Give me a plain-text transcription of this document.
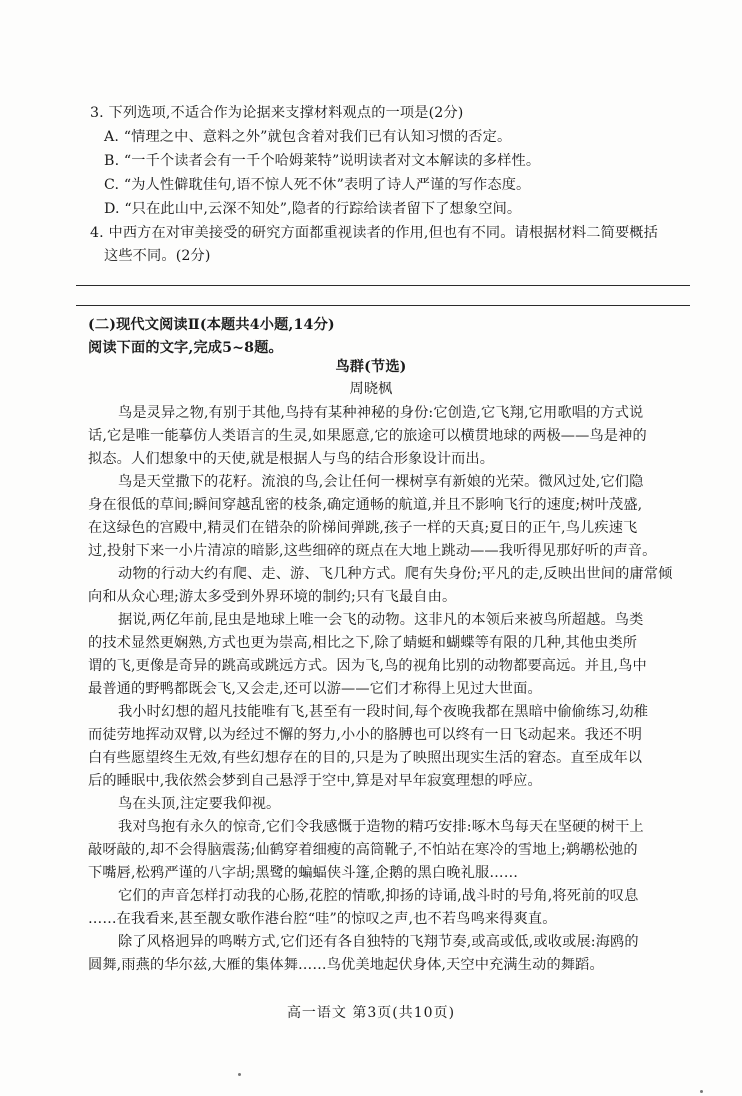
3. 下列选项,不适合作为论据来支撑材料观点的一项是(2分)
A. “情理之中、意料之外”就包含着对我们已有认知习惯的否定。
B. “一千个读者会有一千个哈姆莱特”说明读者对文本解读的多样性。
C. “为人性僻耽佳句,语不惊人死不休”表明了诗人严谨的写作态度。
D. “只在此山中,云深不知处”,隐者的行踪给读者留下了想象空间。
4. 中西方在对审美接受的研究方面都重视读者的作用,但也有不同。请根据材料二简要概括
这些不同。(2分)
(二)现代文阅读Ⅱ(本题共4小题,14分)
阅读下面的文字,完成5~8题。
鸟群(节选)
周晓枫
鸟是灵异之物,有别于其他,鸟持有某种神秘的身份:它创造,它飞翔,它用歌唱的方式说
话,它是唯一能摹仿人类语言的生灵,如果愿意,它的旅途可以横贯地球的两极——鸟是神的
拟态。人们想象中的天使,就是根据人与鸟的结合形象设计而出。
鸟是天堂撒下的花籽。流浪的鸟,会让任何一棵树享有新娘的光荣。微风过处,它们隐
身在很低的草间;瞬间穿越乱密的枝条,确定通畅的航道,并且不影响飞行的速度;树叶茂盛,
在这绿色的宫殿中,精灵们在错杂的阶梯间弹跳,孩子一样的天真;夏日的正午,鸟儿疾速飞
过,投射下来一小片清凉的暗影,这些细碎的斑点在大地上跳动——我听得见那好听的声音。
动物的行动大约有爬、走、游、飞几种方式。爬有失身份;平凡的走,反映出世间的庸常倾
向和从众心理;游太多受到外界环境的制约;只有飞最自由。
据说,两亿年前,昆虫是地球上唯一会飞的动物。这非凡的本领后来被鸟所超越。鸟类
的技术显然更娴熟,方式也更为崇高,相比之下,除了蜻蜓和蝴蝶等有限的几种,其他虫类所
谓的飞,更像是奇异的跳高或跳远方式。因为飞,鸟的视角比别的动物都要高远。并且,鸟中
最普通的野鸭都既会飞,又会走,还可以游——它们才称得上见过大世面。
我小时幻想的超凡技能唯有飞,甚至有一段时间,每个夜晚我都在黑暗中偷偷练习,幼稚
而徒劳地挥动双臂,以为经过不懈的努力,小小的胳膊也可以终有一日飞动起来。我还不明
白有些愿望终生无效,有些幻想存在的目的,只是为了映照出现实生活的窘态。直至成年以
后的睡眠中,我依然会梦到自己悬浮于空中,算是对早年寂寞理想的呼应。
鸟在头顶,注定要我仰视。
我对鸟抱有永久的惊奇,它们令我感慨于造物的精巧安排:啄木鸟每天在坚硬的树干上
敲呀敲的,却不会得脑震荡;仙鹤穿着细瘦的高筒靴子,不怕站在寒冷的雪地上;鹈鹕松弛的
下嘴唇,松鸦严谨的八字胡;黑鹭的蝙蝠侠斗篷,企鹅的黑白晚礼服……
它们的声音怎样打动我的心肠,花腔的情歌,抑扬的诗诵,战斗时的号角,将死前的叹息
……在我看来,甚至靓女歌作港台腔“哇”的惊叹之声,也不若鸟鸣来得爽直。
除了风格迥异的鸣啭方式,它们还有各自独特的飞翔节奏,或高或低,或收或展:海鸥的
圆舞,雨燕的华尔兹,大雁的集体舞……鸟优美地起伏身体,天空中充满生动的舞蹈。
高一语文 第3页(共10页)
